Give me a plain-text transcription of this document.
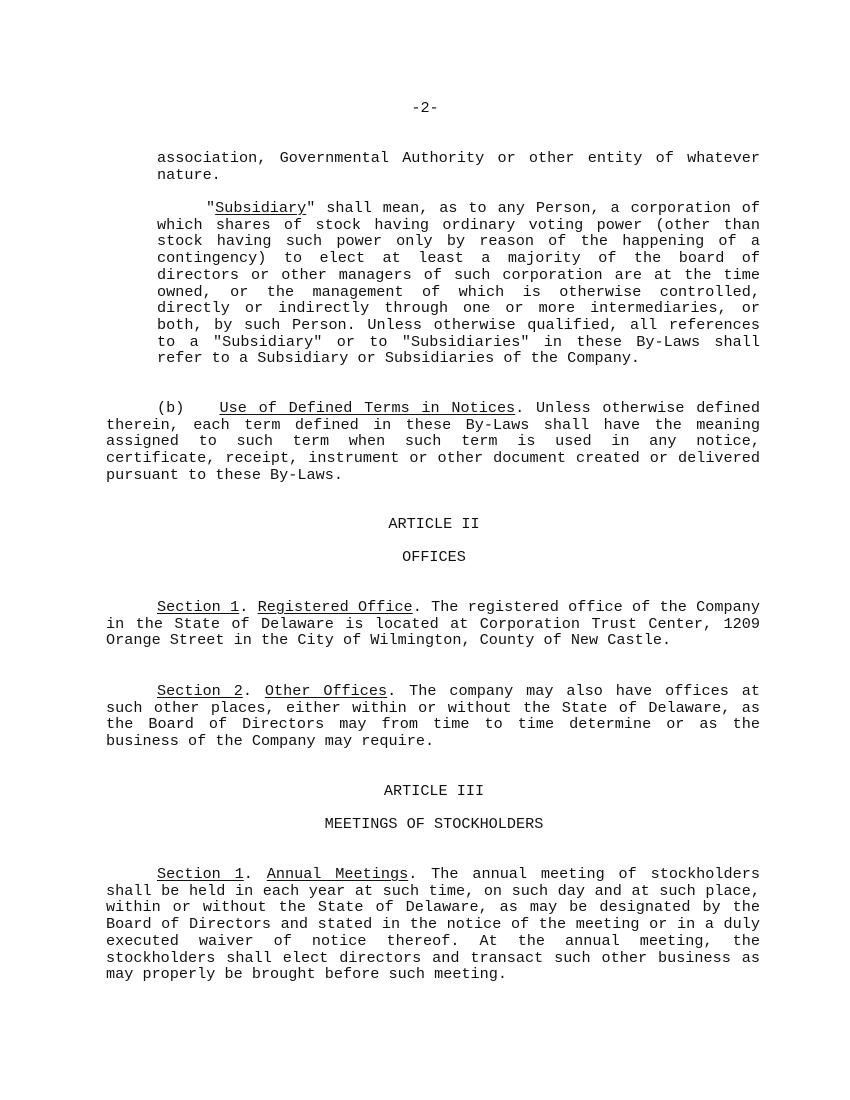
-2-
association, Governmental Authority or other entity of whatever nature.
"Subsidiary" shall mean, as to any Person, a corporation of which shares of stock having ordinary voting power (other than stock having such power only by reason of the happening of a contingency) to elect at least a majority of the board of directors or other managers of such corporation are at the time owned, or the management of which is otherwise controlled, directly or indirectly through one or more intermediaries, or both, by such Person. Unless otherwise qualified, all references to a "Subsidiary" or to "Subsidiaries" in these By-Laws shall refer to a Subsidiary or Subsidiaries of the Company.
(b) Use of Defined Terms in Notices. Unless otherwise defined therein, each term defined in these By-Laws shall have the meaning assigned to such term when such term is used in any notice, certificate, receipt, instrument or other document created or delivered pursuant to these By-Laws.
ARTICLE II
OFFICES
Section 1. Registered Office. The registered office of the Company in the State of Delaware is located at Corporation Trust Center, 1209 Orange Street in the City of Wilmington, County of New Castle.
Section 2. Other Offices. The company may also have offices at such other places, either within or without the State of Delaware, as the Board of Directors may from time to time determine or as the business of the Company may require.
ARTICLE III
MEETINGS OF STOCKHOLDERS
Section 1. Annual Meetings. The annual meeting of stockholders shall be held in each year at such time, on such day and at such place, within or without the State of Delaware, as may be designated by the Board of Directors and stated in the notice of the meeting or in a duly executed waiver of notice thereof. At the annual meeting, the stockholders shall elect directors and transact such other business as may properly be brought before such meeting.
